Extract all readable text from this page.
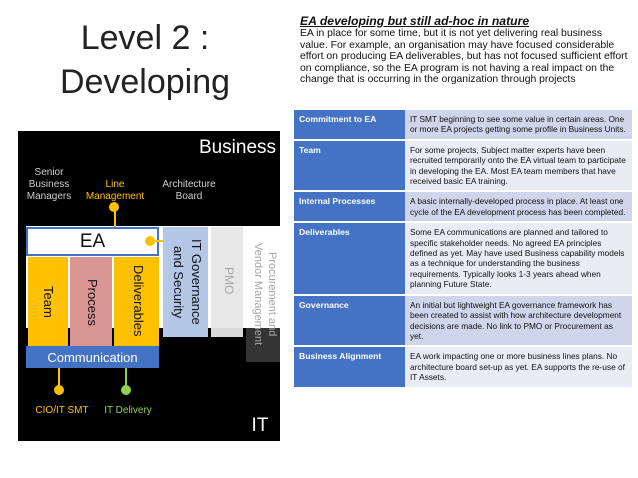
Level 2 :
Developing
Business
Senior
Business
Managers
Line
Management
Architecture
Board
IT
EA
Team	Process	Deliverables	IT Governance
and Security	PMO	Procurement and
Vendor Management
Communication
CIO/IT SMT	IT Delivery
EA developing but still ad-hoc in nature
EA in place for some time, but it is not yet delivering real business value. For example, an organisation may have focused considerable effort on producing EA deliverables, but has not focused sufficient effort on compliance, so the EA program is not having a real impact on the change that is occurring in the organization through projects
Commitment to EA	IT SMT beginning to see some value in certain areas. One or more EA projects getting some profile in Business Units.
Team	For some projects, Subject matter experts have been recruited temporarily onto the EA virtual team to participate in developing the EA. Most EA team members that have received basic EA training.
Internal Processes	A basic internally-developed process in place. At least one cycle of the EA development process has been completed.
Deliverables	Some EA communications are planned and tailored to specific stakeholder needs. No agreed EA principles defined as yet. May have used Business capability models as a technique for understanding the business requirements. Typically looks 1-3 years ahead when planning Future State.
Governance	An initial but lightweight EA governance framework has been created to assist with how architecture development decisions are made. No link to PMO or Procurement as yet.
Business Alignment	EA work impacting one or more business lines plans. No architecture board set-up as yet. EA supports the re-use of IT Assets.
